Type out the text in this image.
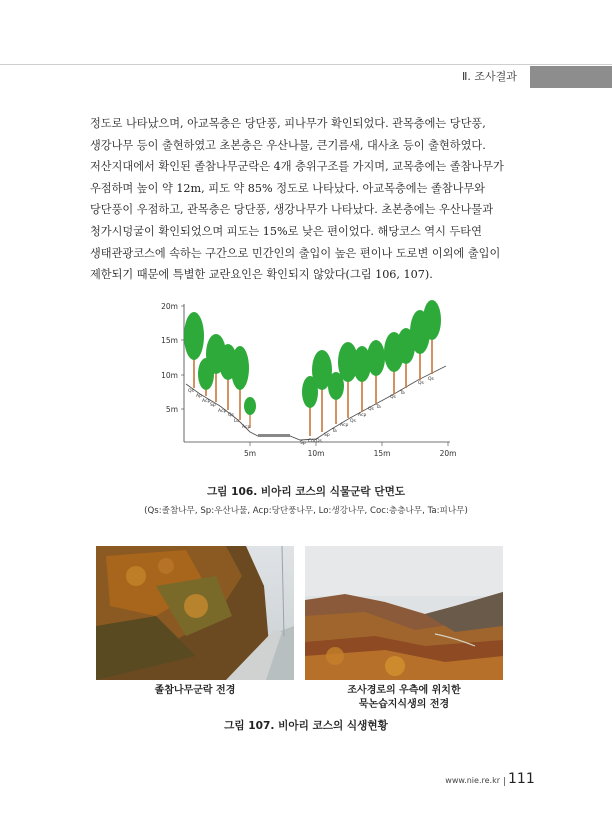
Ⅱ. 조사결과
정도로 나타났으며, 아교목층은 당단풍, 피나무가 확인되었다. 관목층에는 당단풍,
생강나무 등이 출현하였고 초본층은 우산나물, 큰기름새, 대사초 등이 출현하였다.
저산지대에서 확인된 졸참나무군락은 4개 층위구조를 가지며, 교목층에는 졸참나무가
우점하며 높이 약 12m, 피도 약 85% 정도로 나타났다. 아교목층에는 졸참나무와
당단풍이 우점하고, 관목층은 당단풍, 생강나무가 나타났다. 초본층에는 우산나물과
청가시덩굴이 확인되었으며 피도는 15%로 낮은 편이었다. 해당코스 역시 두타연
생태관광코스에 속하는 구간으로 민간인의 출입이 높은 편이나 도로변 이외에 출입이
제한되기 때문에 특별한 교란요인은 확인되지 않았다(그림 106, 107).
20m
15m
10m
5m
5m	10m	15m	20m
Qs
Ap
Acp
Sp
Acp
Qs
Lo
Acp
Sp Coc Qs
Sp
Ta
Acp
Qs
Acp
Qs Ta
Qs
Ta
Qs
Qs
그림 106. 비아리 코스의 식물군락 단면도
(Qs:졸참나무, Sp:우산나물, Acp:당단풍나무, Lo:생강나무, Coc:층층나무, Ta:피나무)
졸참나무군락 전경	조사경로의 우측에 위치한
묵논습지식생의 전경
그림 107. 비아리 코스의 식생현황
www.nie.re.kr 111
